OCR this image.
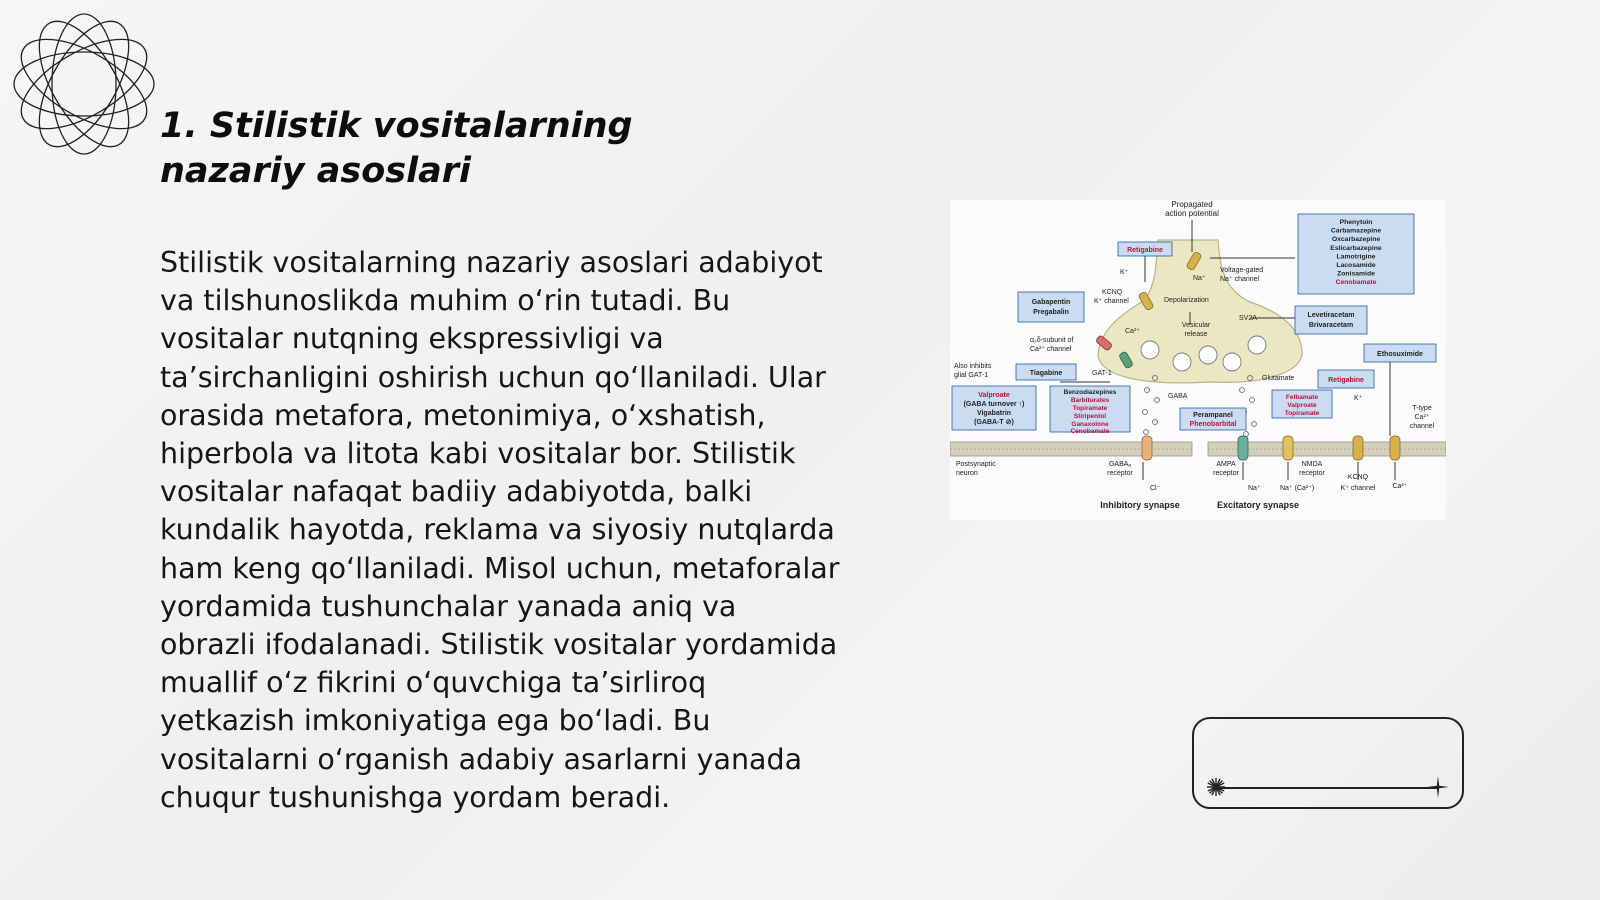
1. Stilistik vositalarning nazariy asoslari
Stilistik vositalarning nazariy asoslari adabiyot va tilshunoslikda muhim o‘rin tutadi. Bu vositalar nutqning ekspressivligi va ta’sirchanligini oshirish uchun qo‘llaniladi. Ular orasida metafora, metonimiya, o‘xshatish, hiperbola va litota kabi vositalar bor. Stilistik vositalar nafaqat badiiy adabiyotda, balki kundalik hayotda, reklama va siyosiy nutqlarda ham keng qo‘llaniladi. Misol uchun, metaforalar yordamida tushunchalar yanada aniq va obrazli ifodalanadi. Stilistik vositalar yordamida muallif o‘z fikrini o‘quvchiga ta’sirliroq yetkazish imkoniyatiga ega bo‘ladi. Bu vositalarni o‘rganish adabiy asarlarni yanada chuqur tushunishga yordam beradi.
Propagated
action potential
Retigabine
K⁺
Na⁺
Voltage-gated
Na⁺ channel
KCNQ
K⁺ channel	Depolarization
Gabapentin
Pregabalin
Ca²⁺
Vesicular
release
SV2A	Levetiracetam
Brivaracetam
α₂δ-subunit of
Ca²⁺ channel
Phenytoin
Carbamazepine
Oxcarbazepine
Eslicarbazepine
Lamotrigine
Lacosamide
Zonisamide
Cenobamate
Ethosuximide
Also inhibits
glial GAT-1	Tiagabine	GAT-1
GABA
Glutamate
Valproate
(GABA turnover ↑)
Vigabatrin
(GABA-T ⊘)
Benzodiazepines
Barbiturates
Topiramate
Stiripentol
Ganaxolone
Cenobamate
Perampanel
Phenobarbital
Felbamate
Valproate
Topiramate
Retigabine
K⁺
T-type
Ca²⁺
channel
Postsynaptic
neuron
GABAₐ
receptor
Cl⁻
AMPA
receptor
Na⁺
NMDA
receptor
Na⁺ (Ca²⁺)
KCNQ
K⁺ channel Ca²⁺
Inhibitory synapse	Excitatory synapse
